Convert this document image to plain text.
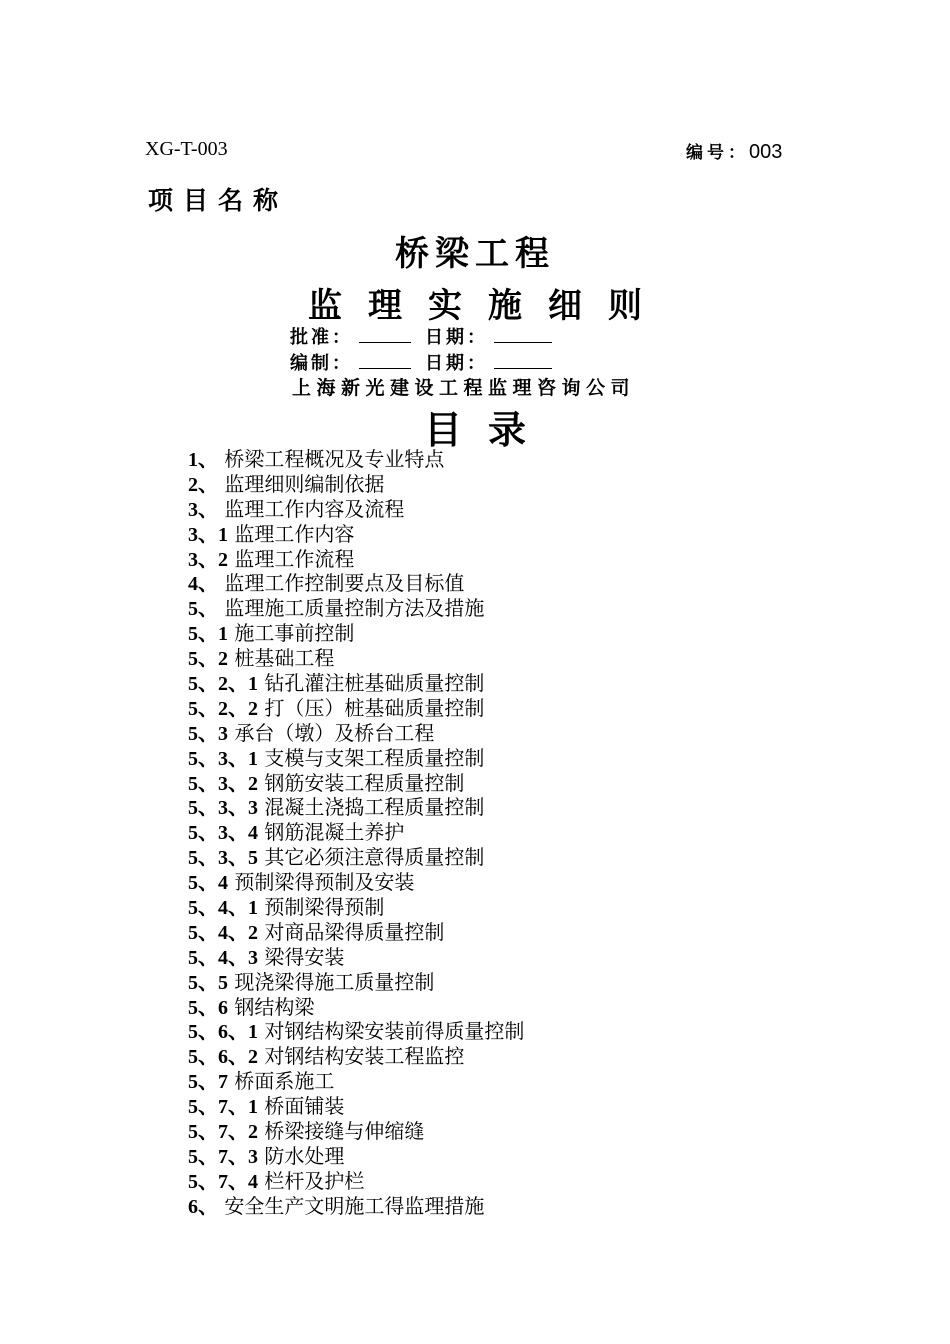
XG-T-003	编号：003
项目名称
桥梁工程
监理实施细则
批准：	日期：
编制：	日期：
上海新光建设工程监理咨询公司
目录
1、 桥梁工程概况及专业特点
2、 监理细则编制依据
3、 监理工作内容及流程
3、1 监理工作内容
3、2 监理工作流程
4、 监理工作控制要点及目标值
5、 监理施工质量控制方法及措施
5、1 施工事前控制
5、2 桩基础工程
5、2、1 钻孔灌注桩基础质量控制
5、2、2 打（压）桩基础质量控制
5、3 承台（墩）及桥台工程
5、3、1 支模与支架工程质量控制
5、3、2 钢筋安装工程质量控制
5、3、3 混凝土浇捣工程质量控制
5、3、4 钢筋混凝土养护
5、3、5 其它必须注意得质量控制
5、4 预制梁得预制及安装
5、4、1 预制梁得预制
5、4、2 对商品梁得质量控制
5、4、3 梁得安装
5、5 现浇梁得施工质量控制
5、6 钢结构梁
5、6、1 对钢结构梁安装前得质量控制
5、6、2 对钢结构安装工程监控
5、7 桥面系施工
5、7、1 桥面铺装
5、7、2 桥梁接缝与伸缩缝
5、7、3 防水处理
5、7、4 栏杆及护栏
6、 安全生产文明施工得监理措施
